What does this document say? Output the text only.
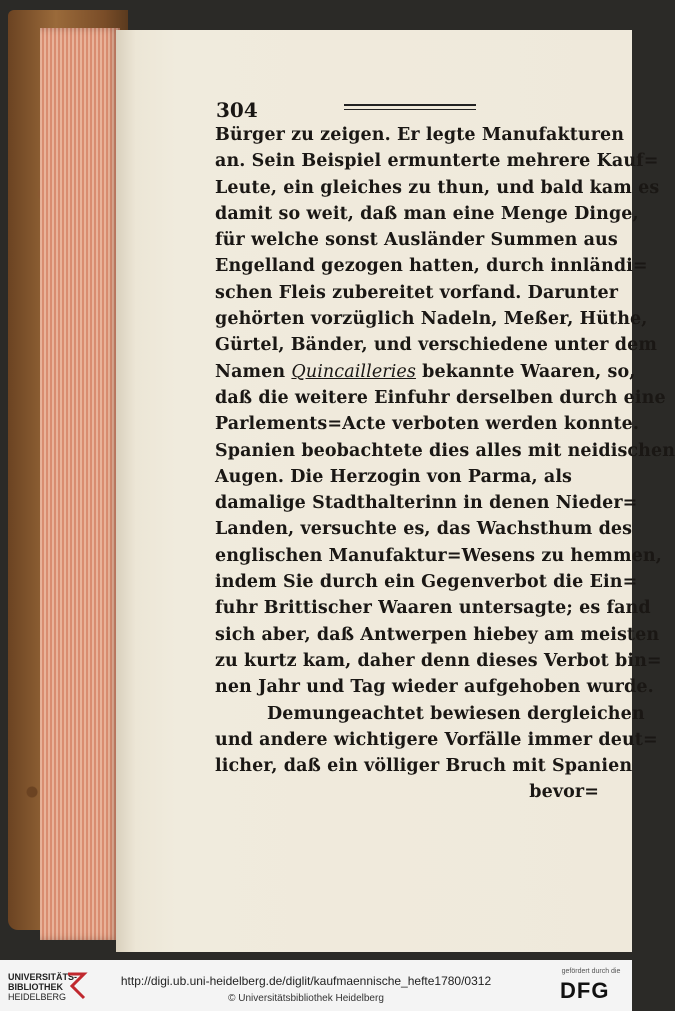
304
Bürger zu zeigen. Er legte Manufakturen
an. Sein Beispiel ermunterte mehrere Kauf=
Leute, ein gleiches zu thun, und bald kam es
damit so weit, daß man eine Menge Dinge,
für welche sonst Ausländer Summen aus
Engelland gezogen hatten, durch innländi=
schen Fleis zubereitet vorfand. Darunter
gehörten vorzüglich Nadeln, Meßer, Hüthe,
Gürtel, Bänder, und verschiedene unter dem
Namen Quincailleries bekannte Waaren, so,
daß die weitere Einfuhr derselben durch eine
Parlements=Acte verboten werden konnte.
Spanien beobachtete dies alles mit neidischen
Augen. Die Herzogin von Parma, als
damalige Stadthalterinn in denen Nieder=
Landen, versuchte es, das Wachsthum des
englischen Manufaktur=Wesens zu hemmen,
indem Sie durch ein Gegenverbot die Ein=
fuhr Brittischer Waaren untersagte; es fand
sich aber, daß Antwerpen hiebey am meisten
zu kurtz kam, daher denn dieses Verbot bin=
nen Jahr und Tag wieder aufgehoben wurde.
Demungeachtet bewiesen dergleichen
und andere wichtigere Vorfälle immer deut=
licher, daß ein völliger Bruch mit Spanien
bevor=
UNIVERSITÄTS-
BIBLIOTHEK
HEIDELBERG
http://digi.ub.uni-heidelberg.de/diglit/kaufmaennische_hefte1780/0312
© Universitätsbibliothek Heidelberg
gefördert durch die
DFG
